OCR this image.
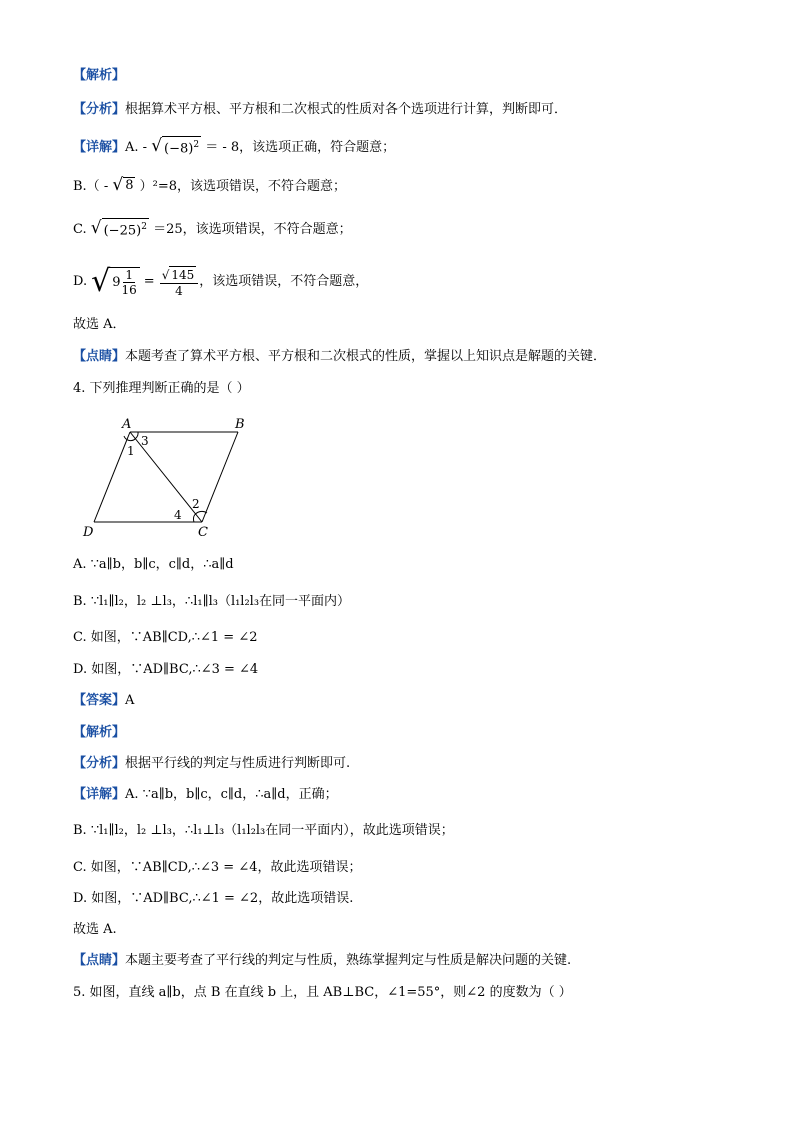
【解析】
【分析】根据算术平方根、平方根和二次根式的性质对各个选项进行计算，判断即可．
【详解】A. - √ $(-8)^2$ ＝ - 8，该选项正确，符合题意；
B.（ - √ 8 ）²=8，该选项错误，不符合题意；
C. √ $(-25)^2 =25$，该选项错误，不符合题意；
D. √ $9 \frac{1}{16} = \frac{√ 145}{4}$ ，该选项错误，不符合题意，
故选 A．
【点睛】本题考查了算术平方根、平方根和二次根式的性质，掌握以上知识点是解题的关键．
4. 下列推理判断正确的是（ ）
A	B
C
D
1
2
3
4
A. ∵a∥b，b∥c，c∥d，∴a∥d
B. ∵l₁∥l₂，l₂ ⊥l₃，∴l₁∥l₃（l₁l₂l₃在同一平面内）
C. 如图，∵AB∥CD,∴∠1 = ∠2
D. 如图，∵AD∥BC,∴∠3 = ∠4
【答案】A
【解析】
【分析】根据平行线的判定与性质进行判断即可.
【详解】A. ∵a∥b，b∥c，c∥d，∴a∥d，正确；
B. ∵l₁∥l₂，l₂ ⊥l₃，∴l₁⊥l₃（l₁l₂l₃在同一平面内），故此选项错误；
C. 如图，∵AB∥CD,∴∠3 = ∠4，故此选项错误；
D. 如图，∵AD∥BC,∴∠1 = ∠2，故此选项错误.
故选 A.
【点睛】本题主要考查了平行线的判定与性质，熟练掌握判定与性质是解决问题的关键.
5. 如图，直线 a∥b，点 B 在直线 b 上，且 AB⊥BC，∠1=55°，则∠2 的度数为（ ）
